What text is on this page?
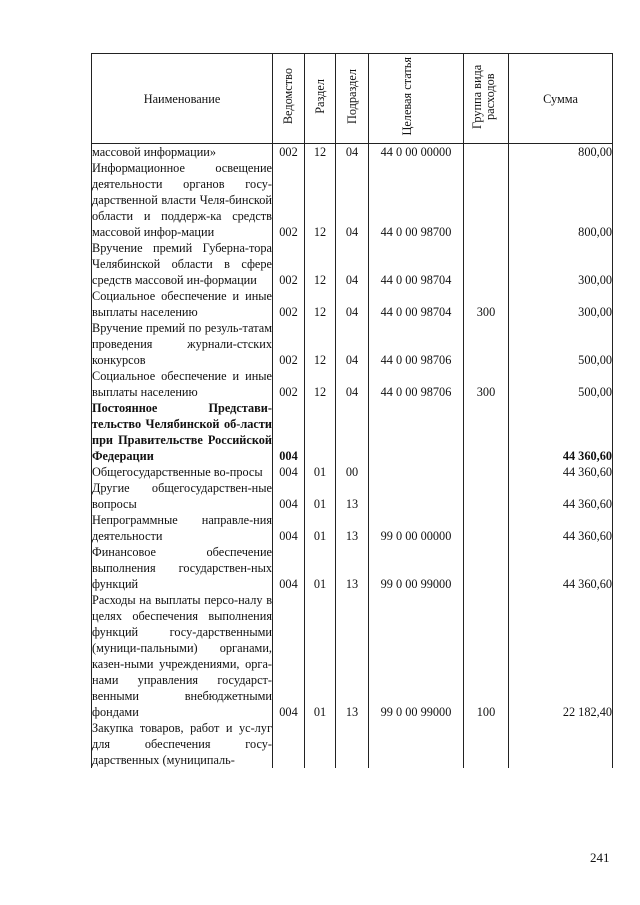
Наименование	Ведомство	Раздел	Подраздел	Целевая статья	Группа вида расходов	Сумма
массовой информации»	002	12	04	44 0 00 00000		800,00
Информационное освещение деятельности органов госу-дарственной власти Челя-бинской области и поддерж-ка средств массовой инфор-мации	002	12	04	44 0 00 98700		800,00
Вручение премий Губерна-тора Челябинской области в сфере средств массовой ин-формации	002	12	04	44 0 00 98704		300,00
Социальное обеспечение и иные выплаты населению	002	12	04	44 0 00 98704	300	300,00
Вручение премий по резуль-татам проведения журнали-стских конкурсов	002	12	04	44 0 00 98706		500,00
Социальное обеспечение и иные выплаты населению	002	12	04	44 0 00 98706	300	500,00
Постоянное Представи-тельство Челябинской об-ласти при Правительстве Российской Федерации	004					44 360,60
Общегосударственные во-просы	004	01	00			44 360,60
Другие общегосударствен-ные вопросы	004	01	13			44 360,60
Непрограммные направле-ния деятельности	004	01	13	99 0 00 00000		44 360,60
Финансовое обеспечение выполнения государствен-ных функций	004	01	13	99 0 00 99000		44 360,60
Расходы на выплаты персо-налу в целях обеспечения выполнения функций госу-дарственными (муници-пальными) органами, казен-ными учреждениями, орга-нами управления государст-венными внебюджетными фондами	004	01	13	99 0 00 99000	100	22 182,40
Закупка товаров, работ и ус-луг для обеспечения госу-дарственных (муниципаль-						
241
